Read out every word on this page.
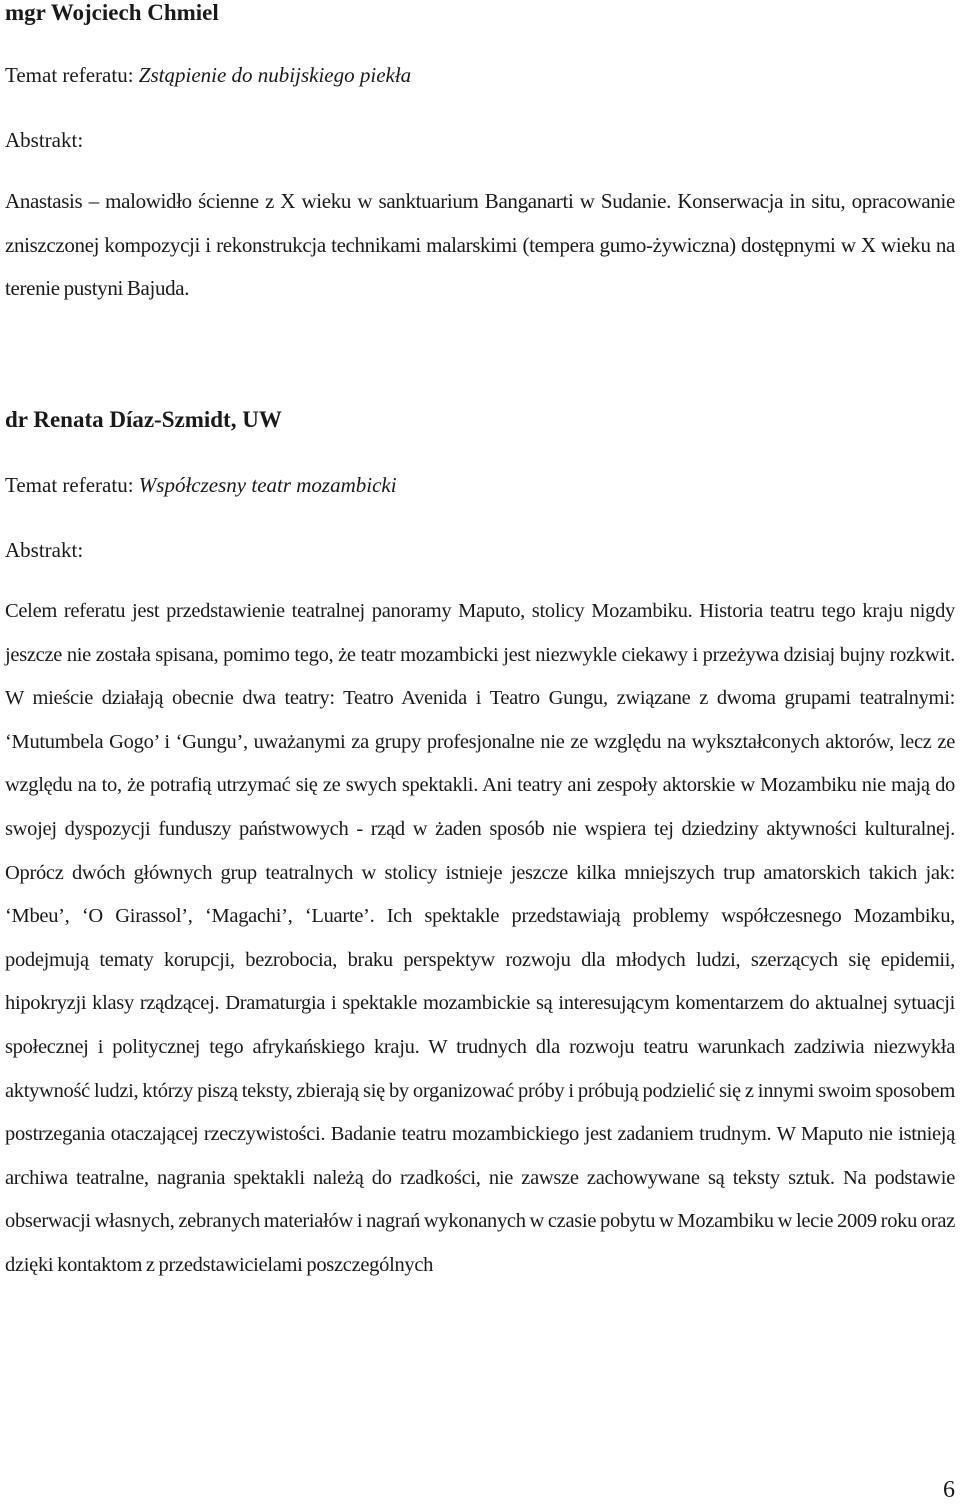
mgr Wojciech Chmiel

Temat referatu: Zstąpienie do nubijskiego piekła

Abstrakt:

Anastasis – malowidło ścienne z X wieku w sanktuarium Banganarti w Sudanie. Konserwacja in situ, opracowanie zniszczonej kompozycji i rekonstrukcja technikami malarskimi (tempera gumo-żywiczna) dostępnymi w X wieku na terenie pustyni Bajuda.

dr Renata Díaz-Szmidt, UW

Temat referatu: Współczesny teatr mozambicki

Abstrakt:

Celem referatu jest przedstawienie teatralnej panoramy Maputo, stolicy Mozambiku. Historia teatru tego kraju nigdy jeszcze nie została spisana, pomimo tego, że teatr mozambicki jest niezwykle ciekawy i przeżywa dzisiaj bujny rozkwit. W mieście działają obecnie dwa teatry: Teatro Avenida i Teatro Gungu, związane z dwoma grupami teatralnymi: ‘Mutumbela Gogo’ i ‘Gungu’, uważanymi za grupy profesjonalne nie ze względu na wykształconych aktorów, lecz ze względu na to, że potrafią utrzymać się ze swych spektakli. Ani teatry ani zespoły aktorskie w Mozambiku nie mają do swojej dyspozycji funduszy państwowych - rząd w żaden sposób nie wspiera tej dziedziny aktywności kulturalnej. Oprócz dwóch głównych grup teatralnych w stolicy istnieje jeszcze kilka mniejszych trup amatorskich takich jak: ‘Mbeu’, ‘O Girassol’, ‘Magachi’, ‘Luarte’. Ich spektakle przedstawiają problemy współczesnego Mozambiku, podejmują tematy korupcji, bezrobocia, braku perspektyw rozwoju dla młodych ludzi, szerzących się epidemii, hipokryzji klasy rządzącej. Dramaturgia i spektakle mozambickie są interesującym komentarzem do aktualnej sytuacji społecznej i politycznej tego afrykańskiego kraju. W trudnych dla rozwoju teatru warunkach zadziwia niezwykła aktywność ludzi, którzy piszą teksty, zbierają się by organizować próby i próbują podzielić się z innymi swoim sposobem postrzegania otaczającej rzeczywistości. Badanie teatru mozambickiego jest zadaniem trudnym. W Maputo nie istnieją archiwa teatralne, nagrania spektakli należą do rzadkości, nie zawsze zachowywane są teksty sztuk. Na podstawie obserwacji własnych, zebranych materiałów i nagrań wykonanych w czasie pobytu w Mozambiku w lecie 2009 roku oraz dzięki kontaktom z przedstawicielami poszczególnych

6
